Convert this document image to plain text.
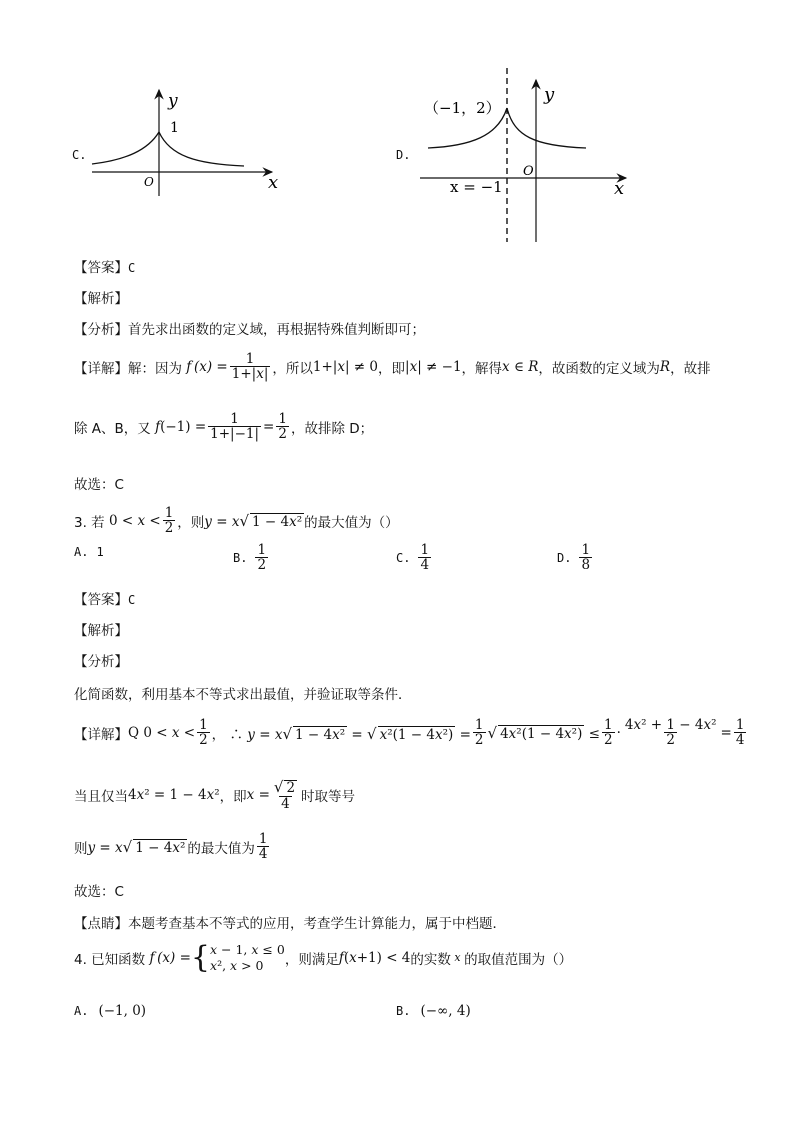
C.
y
1
O	x
D.
（−1，2）
y
O
x = −1	x
【答案】C
【解析】
【分析】首先求出函数的定义域，再根据特殊值判断即可；
【详解】 解：因为 f $(x) = \frac{1}{1+|x|}$ ，所以 1+|x| ≠ 0 ，即 |x| ≠ −1 ，解得 x ∈ R ，故函数的定义域为 R ，故排
除 A、B，又 $f(-1) = \frac{1}{1+|-1|} = \frac{1}{2}$ ，故排除 D；
故选：C
3. 若 $0 < x < \frac{1}{2}$ ，则 y = x√ 1 − 4x² 的最大值为（）
A. 1	B. $\frac{1}{2}$	C. $\frac{1}{4}$	D. $\frac{1}{8}$
【答案】C
【解析】
【分析】
化简函数，利用基本不等式求出最值，并验证取等条件．
【详解】 Q $0 < x < \frac{1}{2}$ ， ∴ y = x√ 1 − 4x² = √ $x^2(1 - 4x^2) = \frac{1}{2}$ √ $4x^2(1 - 4x^2) \le \frac{1}{2} \cdot \frac{\text{4x² + 1 − 4x²}}{2} = \frac{1}{4}$
当且仅当 4x² = 1 − 4x² ，即 $x = \frac{√ 2}{4}$ 时取等号
则 y = x√ 1 − 4x² 的最大值为 $\frac{1}{4}$
故选：C
【点睛】本题考查基本不等式的应用，考查学生计算能力，属于中档题．
4. 已知函数 f (x) = { x − 1, x ≤ 0
x², x > 0	，则满足 f(x+1) < 4 的实数 x 的取值范围为（）
A. (−1, 0)	B. (−∞, 4)
